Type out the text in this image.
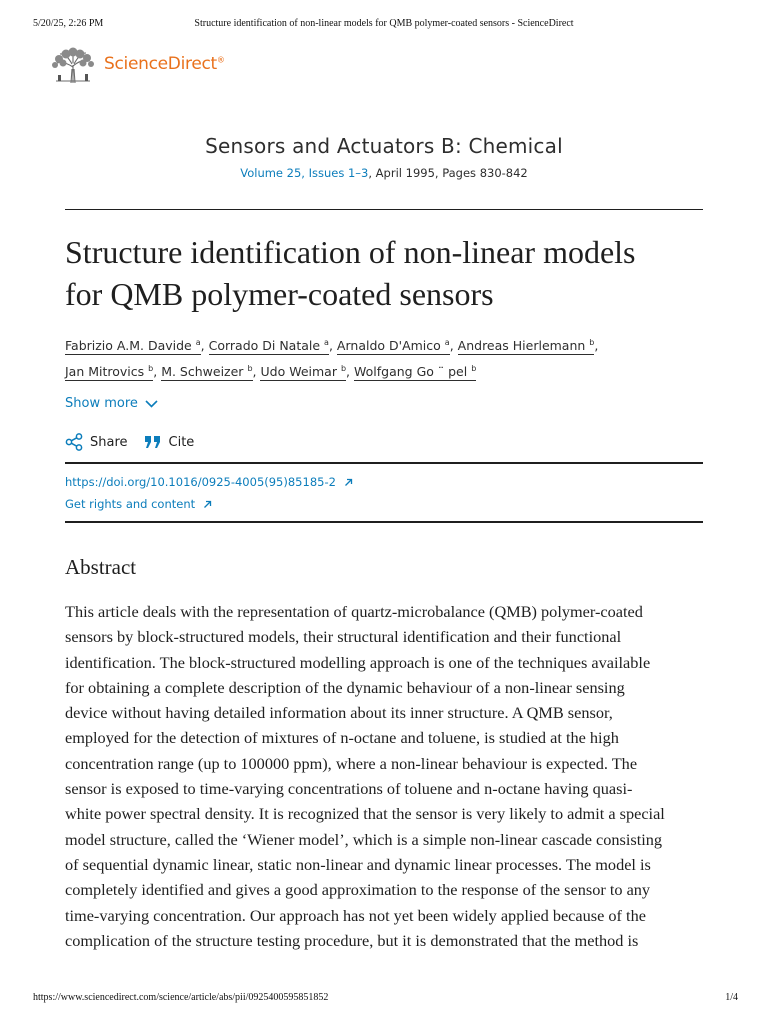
5/20/25, 2:26 PM	Structure identification of non-linear models for QMB polymer-coated sensors - ScienceDirect
ScienceDirect®
Sensors and Actuators B: Chemical
Volume 25, Issues 1–3, April 1995, Pages 830-842
Structure identification of non-linear models
for QMB polymer-coated sensors
Fabrizio A.M. Davide $^a$, Corrado Di Natale $^a$, Arnaldo D'Amico $^a$, Andreas Hierlemann $^b$,
Jan Mitrovics $^b$, M. Schweizer $^b$, Udo Weimar $^b$, Wolfgang Go ¨ pel $^b$
Show more
Share	Cite
https://doi.org/10.1016/0925-4005(95)85185-2
Get rights and content
Abstract
This article deals with the representation of quartz-microbalance (QMB) polymer-coated
sensors by block-structured models, their structural identification and their functional
identification. The block-structured modelling approach is one of the techniques available
for obtaining a complete description of the dynamic behaviour of a non-linear sensing
device without having detailed information about its inner structure. A QMB sensor,
employed for the detection of mixtures of n-octane and toluene, is studied at the high
concentration range (up to 100000 ppm), where a non-linear behaviour is expected. The
sensor is exposed to time-varying concentrations of toluene and n-octane having quasi-
white power spectral density. It is recognized that the sensor is very likely to admit a special
model structure, called the ‘Wiener model’, which is a simple non-linear cascade consisting
of sequential dynamic linear, static non-linear and dynamic linear processes. The model is
completely identified and gives a good approximation to the response of the sensor to any
time-varying concentration. Our approach has not yet been widely applied because of the
complication of the structure testing procedure, but it is demonstrated that the method is
https://www.sciencedirect.com/science/article/abs/pii/0925400595851852	1/4
